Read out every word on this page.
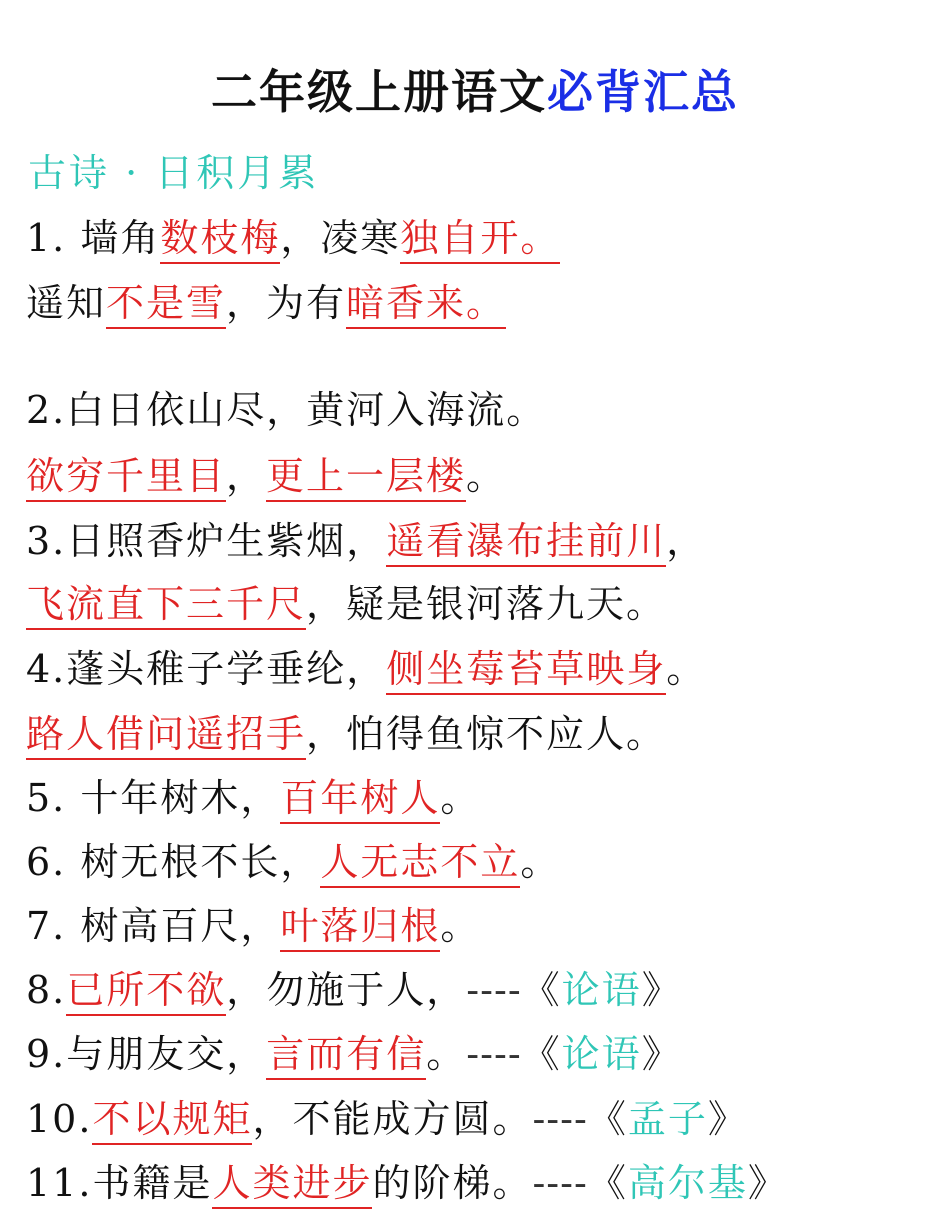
二年级上册语文必背汇总
古诗 · 日积月累
1. 墙角数枝梅，凌寒独自开。
遥知不是雪，为有暗香来。
2.白日依山尽，黄河入海流。
欲穷千里目，更上一层楼。
3.日照香炉生紫烟，遥看瀑布挂前川，
飞流直下三千尺，疑是银河落九天。
4.蓬头稚子学垂纶，侧坐莓苔草映身。
路人借问遥招手，怕得鱼惊不应人。
5. 十年树木，百年树人。
6. 树无根不长，人无志不立。
7. 树高百尺，叶落归根。
8.已所不欲，勿施于人，----《论语》
9.与朋友交，言而有信。----《论语》
10.不以规矩，不能成方圆。----《孟子》
11.书籍是人类进步的阶梯。----《高尔基》
